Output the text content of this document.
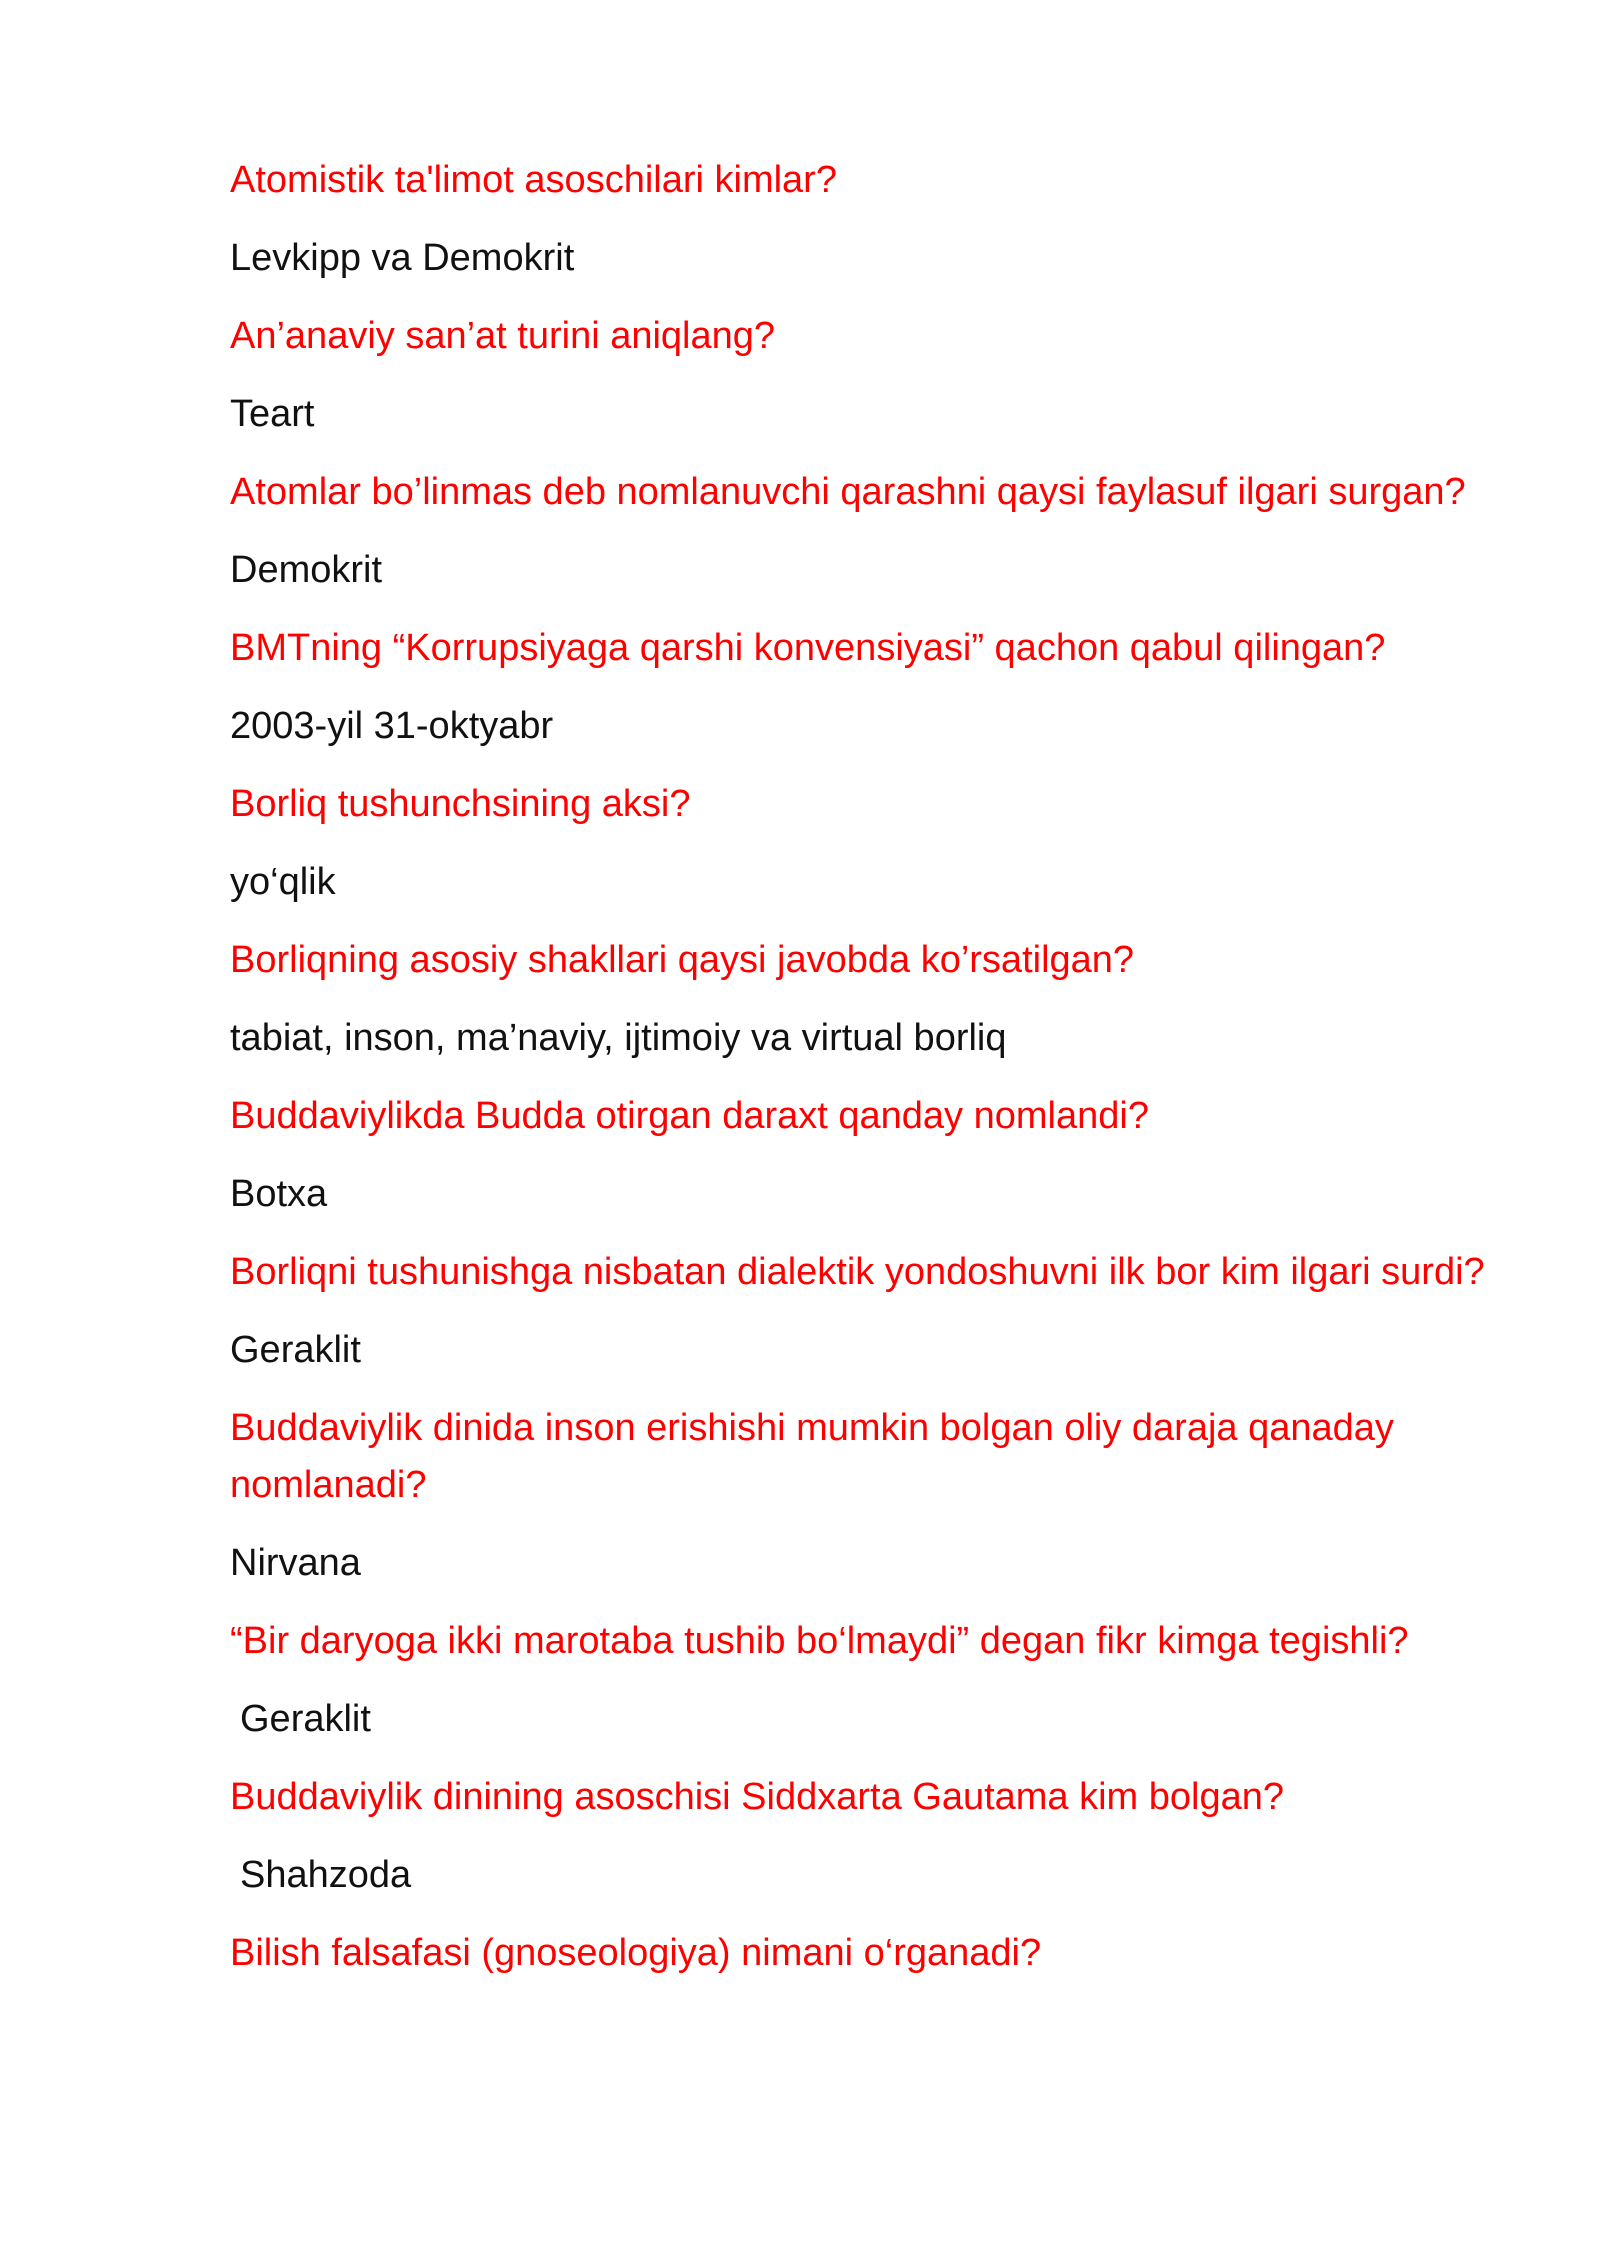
Atomistik ta'limot asoschilari kimlar?
Levkipp va Demokrit
An’anaviy san’at turini aniqlang?
Teart
Atomlar bo’linmas deb nomlanuvchi qarashni qaysi faylasuf ilgari surgan?
Demokrit
BMTning “Korrupsiyaga qarshi konvensiyasi” qachon qabul qilingan?
2003-yil 31-oktyabr
Borliq tushunchsining aksi?
yo‘qlik
Borliqning asosiy shakllari qaysi javobda ko’rsatilgan?
tabiat, inson, ma’naviy, ijtimoiy va virtual borliq
Buddaviylikda Budda otirgan daraxt qanday nomlandi?
Botxa
Borliqni tushunishga nisbatan dialektik yondoshuvni ilk bor kim ilgari surdi?
Geraklit
Buddaviylik dinida inson erishishi mumkin bolgan oliy daraja qanaday nomlanadi?
Nirvana
“Bir daryoga ikki marotaba tushib bo‘lmaydi” degan fikr kimga tegishli?
Geraklit
Buddaviylik dinining asoschisi Siddxarta Gautama kim bolgan?
Shahzoda
Bilish falsafasi (gnoseologiya) nimani o‘rganadi?
